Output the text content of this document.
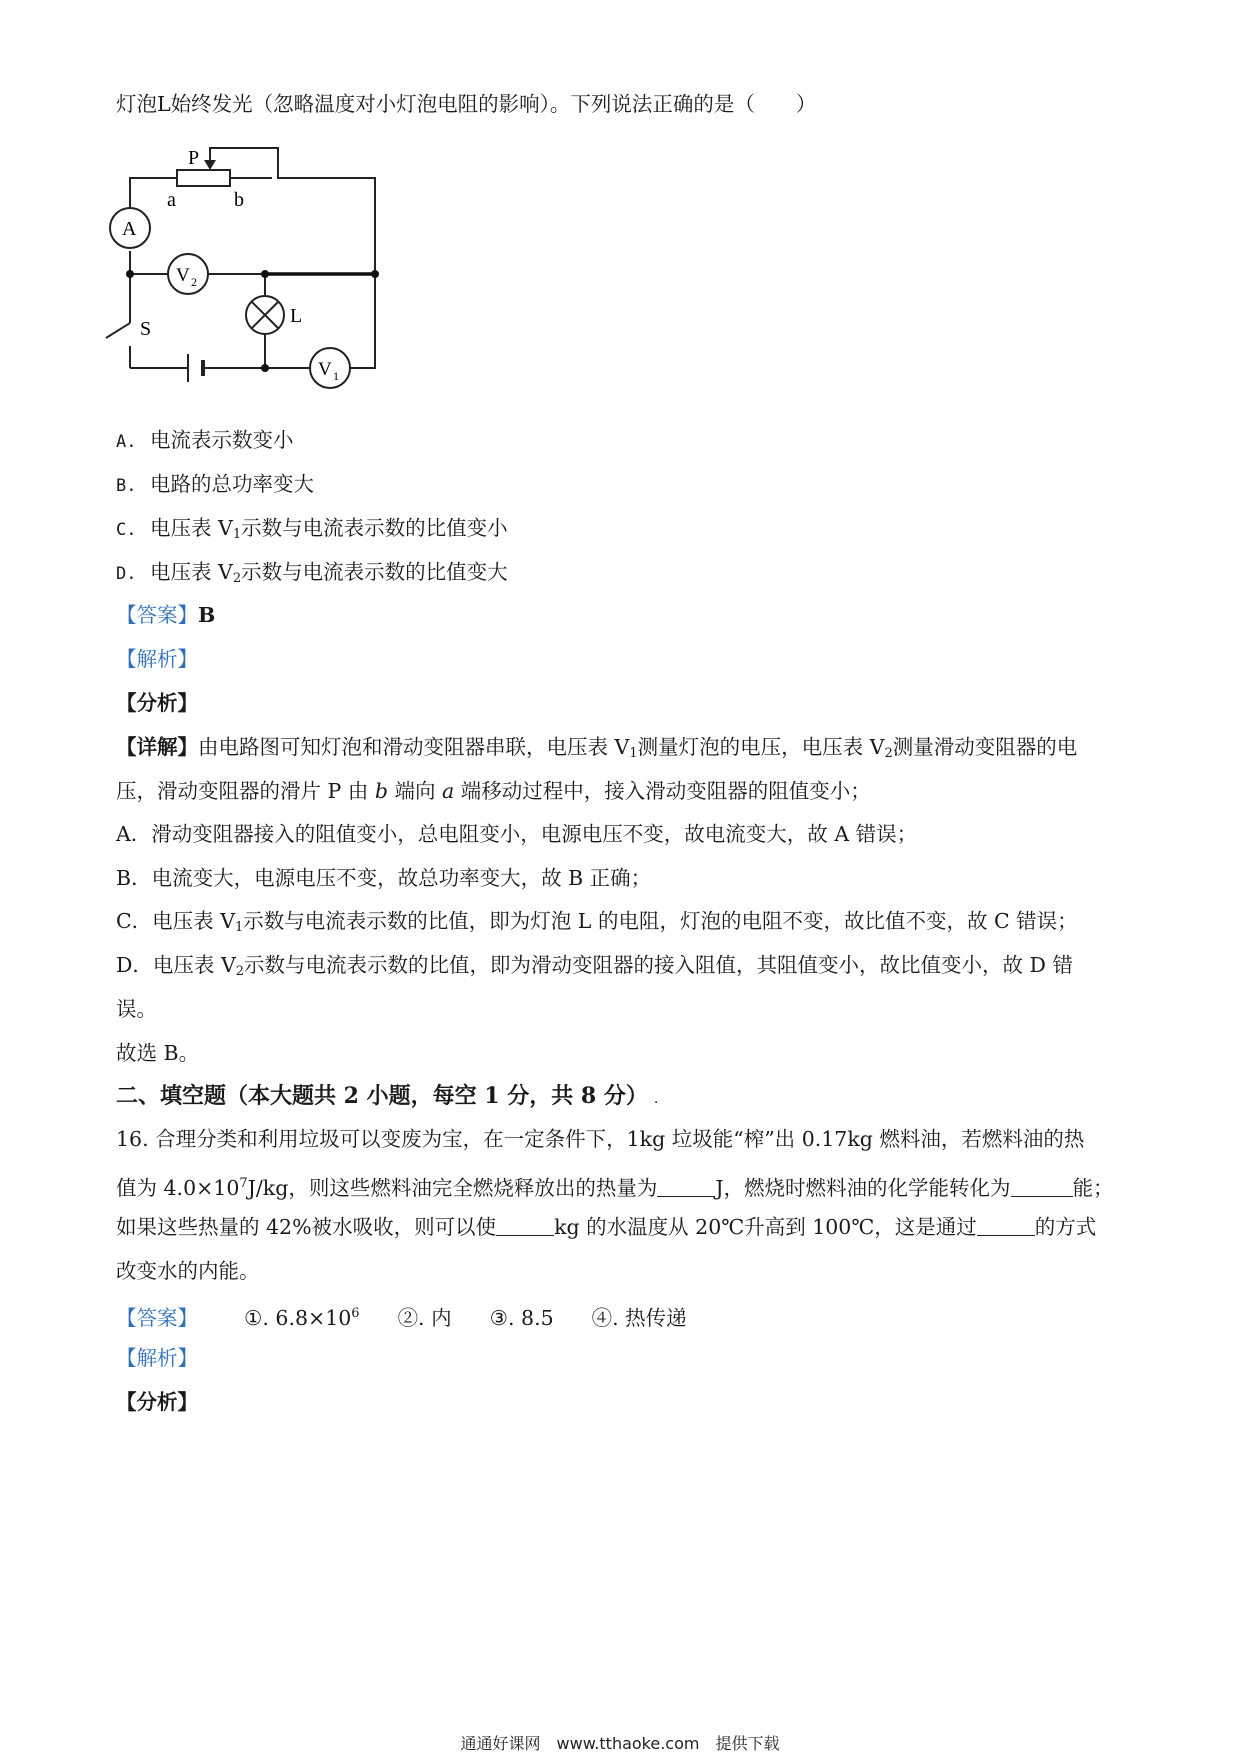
灯泡L始终发光（忽略温度对小灯泡电阻的影响）。下列说法正确的是（　　）
P
a	b
A
V 2
L
S
V 1
A. 电流表示数变小
B. 电路的总功率变大
C. 电压表 $V_1$示数与电流表示数的比值变小
D. 电压表 $V_2$示数与电流表示数的比值变大
【答案】B
【解析】
【分析】
【详解】由电路图可知灯泡和滑动变阻器串联，电压表 $V_1$测量灯泡的电压，电压表 $V_2$测量滑动变阻器的电
压，滑动变阻器的滑片 P 由 b 端向 a 端移动过程中，接入滑动变阻器的阻值变小；
A．滑动变阻器接入的阻值变小，总电阻变小，电源电压不变，故电流变大，故 A 错误；
B．电流变大，电源电压不变，故总功率变大，故 B 正确；
C．电压表 $V_1$示数与电流表示数的比值，即为灯泡 L 的电阻，灯泡的电阻不变，故比值不变，故 C 错误；
D．电压表 $V_2$示数与电流表示数的比值，即为滑动变阻器的接入阻值，其阻值变小，故比值变小，故 D 错
误。
故选 B。
二、填空题（本大题共 2 小题，每空 1 分，共 8 分） .
16. 合理分类和利用垃圾可以变废为宝，在一定条件下，1kg 垃圾能“榨”出 0.17kg 燃料油，若燃料油的热
值为 $4.0\times 10^7J/kg$，则这些燃料油完全燃烧释放出的热量为	J，燃烧时燃料油的化学能转化为	能；
如果这些热量的 42%被水吸收，则可以使	kg 的水温度从 20℃升高到 100℃，这是通过	的方式
改变水的内能。
【答案】 ①. $6.8\times 10^6$ ②. 内 ③. 8.5 ④. 热传递
【解析】
【分析】
通通好课网　www.tthaoke.com　提供下载
